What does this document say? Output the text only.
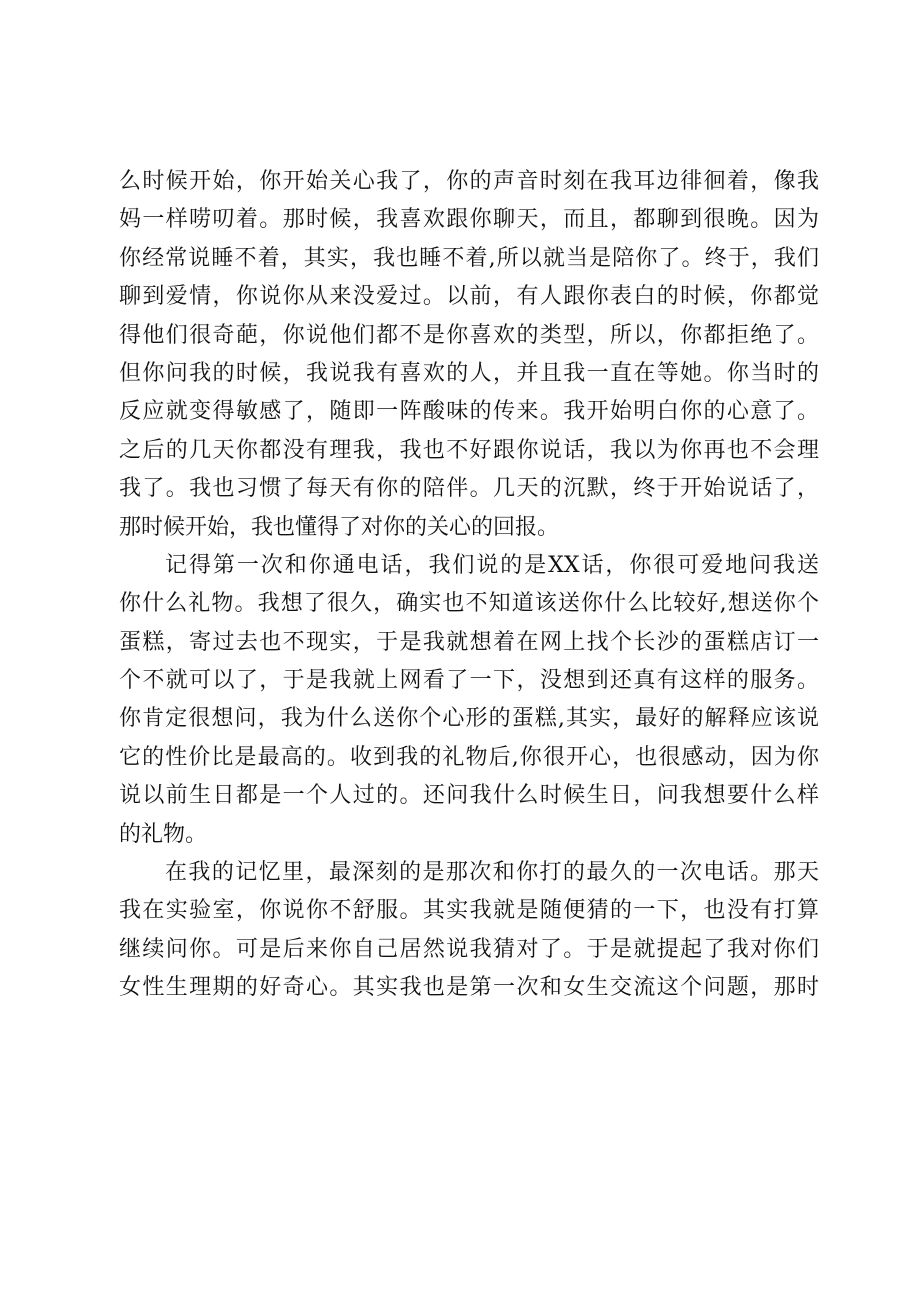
么时候开始，你开始关心我了，你的声音时刻在我耳边徘徊着，像我
妈一样唠叨着。那时候，我喜欢跟你聊天，而且，都聊到很晚。因为
你经常说睡不着，其实，我也睡不着,所以就当是陪你了。终于，我们
聊到爱情，你说你从来没爱过。以前，有人跟你表白的时候，你都觉
得他们很奇葩，你说他们都不是你喜欢的类型，所以，你都拒绝了。
但你问我的时候，我说我有喜欢的人，并且我一直在等她。你当时的
反应就变得敏感了，随即一阵酸味的传来。我开始明白你的心意了。
之后的几天你都没有理我，我也不好跟你说话，我以为你再也不会理
我了。我也习惯了每天有你的陪伴。几天的沉默，终于开始说话了，
那时候开始，我也懂得了对你的关心的回报。
记得第一次和你通电话，我们说的是XX话，你很可爱地问我送
你什么礼物。我想了很久，确实也不知道该送你什么比较好,想送你个
蛋糕，寄过去也不现实，于是我就想着在网上找个长沙的蛋糕店订一
个不就可以了，于是我就上网看了一下，没想到还真有这样的服务。
你肯定很想问，我为什么送你个心形的蛋糕,其实，最好的解释应该说
它的性价比是最高的。收到我的礼物后,你很开心，也很感动，因为你
说以前生日都是一个人过的。还问我什么时候生日，问我想要什么样
的礼物。
在我的记忆里，最深刻的是那次和你打的最久的一次电话。那天
我在实验室，你说你不舒服。其实我就是随便猜的一下，也没有打算
继续问你。可是后来你自己居然说我猜对了。于是就提起了我对你们
女性生理期的好奇心。其实我也是第一次和女生交流这个问题，那时
